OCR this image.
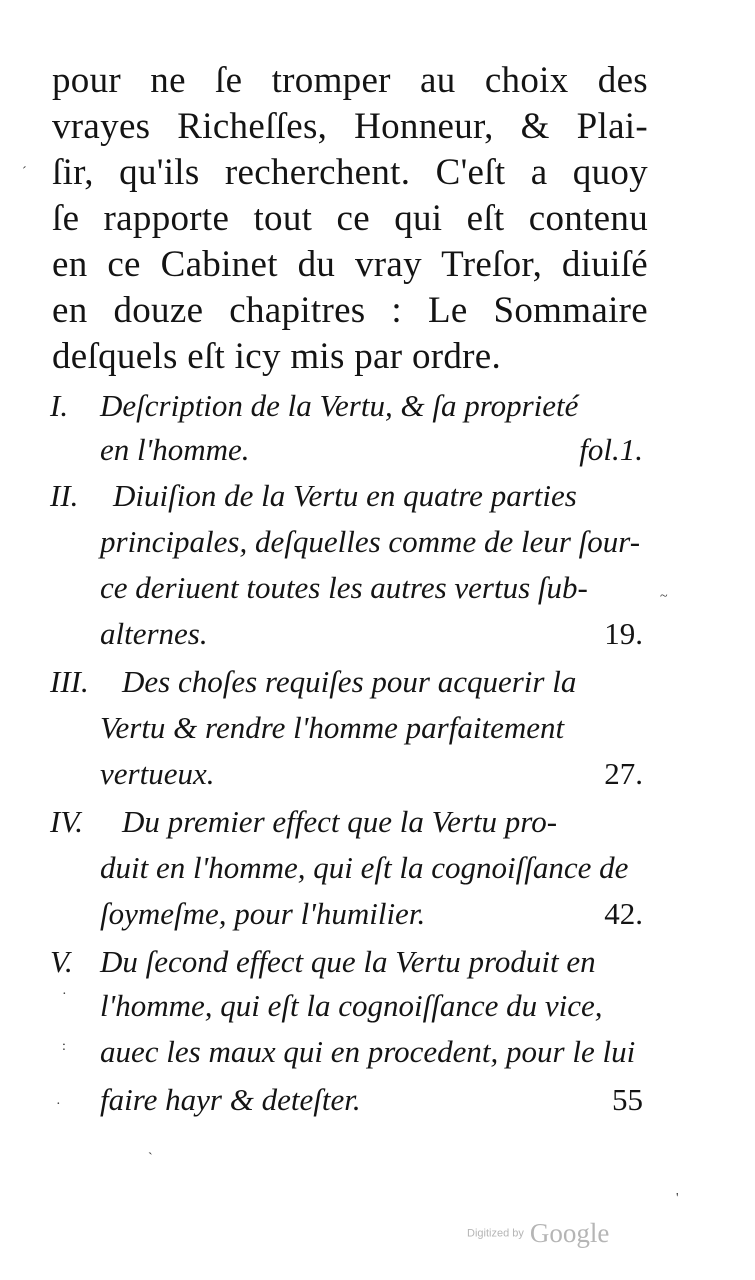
pour ne ſe tromper au choix des
vrayes Richeſſes, Honneur, & Plai-
ſir, qu'ils recherchent. C'eſt a quoy
ſe rapporte tout ce qui eſt contenu
en ce Cabinet du vray Treſor, diuiſé
en douze chapitres : Le Sommaire
deſquels eſt icy mis par ordre.
I. Deſcription de la Vertu, & ſa proprieté
en l'homme.	fol.1.
II. Diuiſion de la Vertu en quatre parties
principales, deſquelles comme de leur ſour-
ce deriuent toutes les autres vertus ſub-
alternes.	19.
III. Des choſes requiſes pour acquerir la
Vertu & rendre l'homme parfaitement
vertueux.	27.
IV. Du premier effect que la Vertu pro-
duit en l'homme, qui eſt la cognoiſſance de
ſoymeſme, pour l'humilier.	42.
V. Du ſecond effect que la Vertu produit en
l'homme, qui eſt la cognoiſſance du vice,
auec les maux qui en procedent, pour le lui
faire hayr & deteſter.	55
´
~
·
:
·
`
'
Digitized by Google
